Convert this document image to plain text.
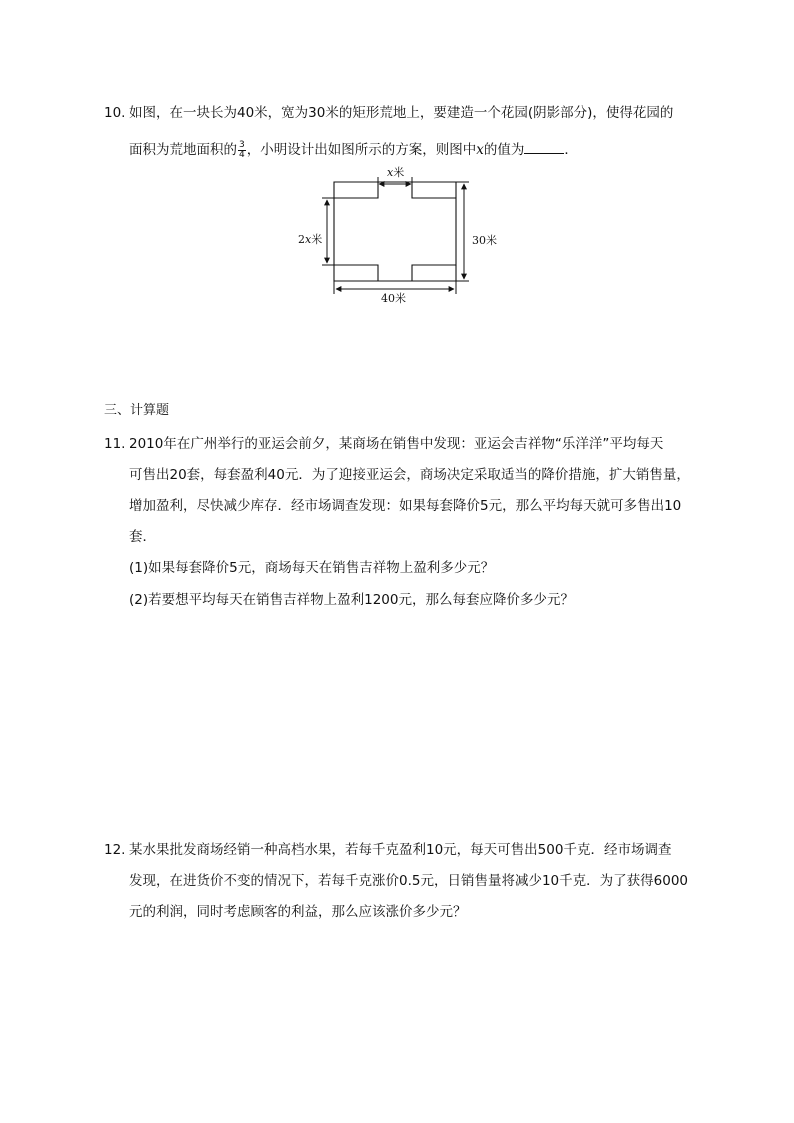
10. 如图，在一块长为40米，宽为30米的矩形荒地上，要建造一个花园(阴影部分)，使得花园的
面积为荒地面积的 $\frac{3}{4}$ ，小明设计出如图所示的方案，则图中x的值为	．
x米
2x米	30米
40米
三、计算题
11. 2010年在广州举行的亚运会前夕，某商场在销售中发现：亚运会吉祥物“乐洋洋”平均每天
可售出20套，每套盈利40元．为了迎接亚运会，商场决定采取适当的降价措施，扩大销售量，
增加盈利，尽快减少库存．经市场调查发现：如果每套降价5元，那么平均每天就可多售出10
套．
(1)如果每套降价5元，商场每天在销售吉祥物上盈利多少元？
(2)若要想平均每天在销售吉祥物上盈利1200元，那么每套应降价多少元？
12. 某水果批发商场经销一种高档水果，若每千克盈利10元，每天可售出500千克．经市场调查
发现，在进货价不变的情况下，若每千克涨价0.5元，日销售量将减少10千克．为了获得6000
元的利润，同时考虑顾客的利益，那么应该涨价多少元？
